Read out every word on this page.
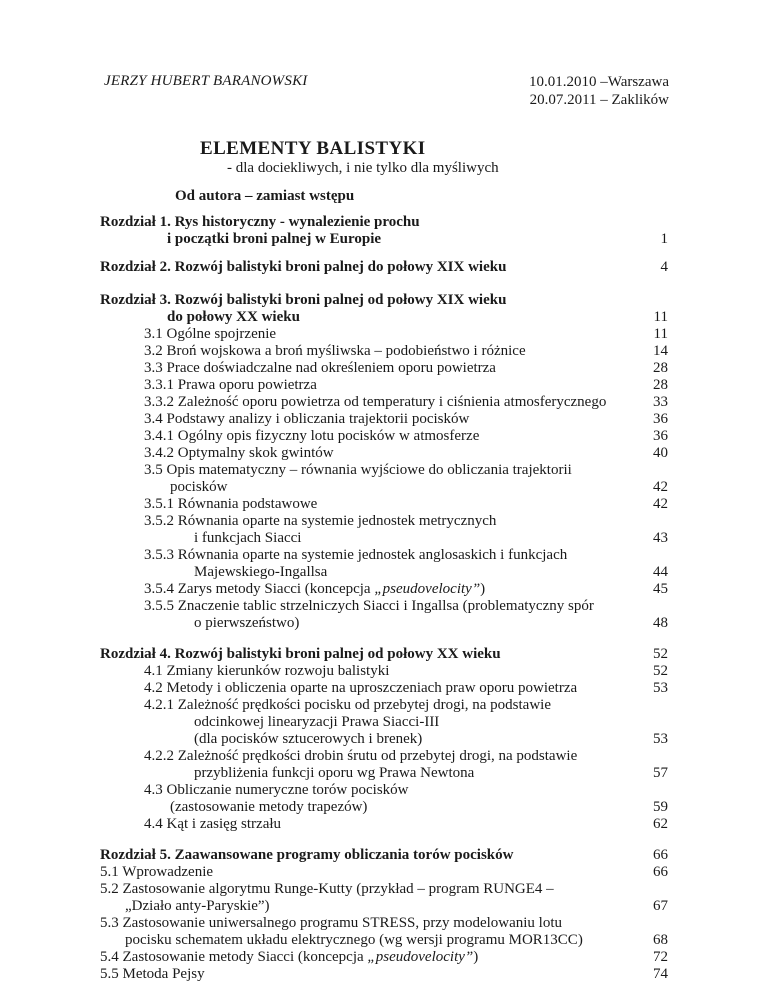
JERZY HUBERT BARANOWSKI	10.01.2010 –Warszawa
20.07.2011 – Zaklików
ELEMENTY BALISTYKI
- dla dociekliwych, i nie tylko dla myśliwych
Od autora – zamiast wstępu
Rozdział 1. Rys historyczny - wynalezienie prochu
i początki broni palnej w Europie	1
Rozdział 2. Rozwój balistyki broni palnej do połowy XIX wieku	4
Rozdział 3. Rozwój balistyki broni palnej od połowy XIX wieku
do połowy XX wieku	11
3.1 Ogólne spojrzenie	11
3.2 Broń wojskowa a broń myśliwska – podobieństwo i różnice	14
3.3 Prace doświadczalne nad określeniem oporu powietrza	28
3.3.1 Prawa oporu powietrza	28
3.3.2 Zależność oporu powietrza od temperatury i ciśnienia atmosferycznego	33
3.4 Podstawy analizy i obliczania trajektorii pocisków	36
3.4.1 Ogólny opis fizyczny lotu pocisków w atmosferze	36
3.4.2 Optymalny skok gwintów	40
3.5 Opis matematyczny – równania wyjściowe do obliczania trajektorii
pocisków	42
3.5.1 Równania podstawowe	42
3.5.2 Równania oparte na systemie jednostek metrycznych
i funkcjach Siacci	43
3.5.3 Równania oparte na systemie jednostek anglosaskich i funkcjach
Majewskiego-Ingallsa	44
3.5.4 Zarys metody Siacci (koncepcja „pseudovelocity”)	45
3.5.5 Znaczenie tablic strzelniczych Siacci i Ingallsa (problematyczny spór
o pierwszeństwo)	48
Rozdział 4. Rozwój balistyki broni palnej od połowy XX wieku	52
4.1 Zmiany kierunków rozwoju balistyki	52
4.2 Metody i obliczenia oparte na uproszczeniach praw oporu powietrza	53
4.2.1 Zależność prędkości pocisku od przebytej drogi, na podstawie
odcinkowej linearyzacji Prawa Siacci-III
(dla pocisków sztucerowych i brenek)	53
4.2.2 Zależność prędkości drobin śrutu od przebytej drogi, na podstawie
przybliżenia funkcji oporu wg Prawa Newtona	57
4.3 Obliczanie numeryczne torów pocisków
(zastosowanie metody trapezów)	59
4.4 Kąt i zasięg strzału	62
Rozdział 5. Zaawansowane programy obliczania torów pocisków	66
5.1 Wprowadzenie	66
5.2 Zastosowanie algorytmu Runge-Kutty (przykład – program RUNGE4 –
„Działo anty-Paryskie”)	67
5.3 Zastosowanie uniwersalnego programu STRESS, przy modelowaniu lotu
pocisku schematem układu elektrycznego (wg wersji programu MOR13CC)	68
5.4 Zastosowanie metody Siacci (koncepcja „pseudovelocity”)	72
5.5 Metoda Pejsy	74
